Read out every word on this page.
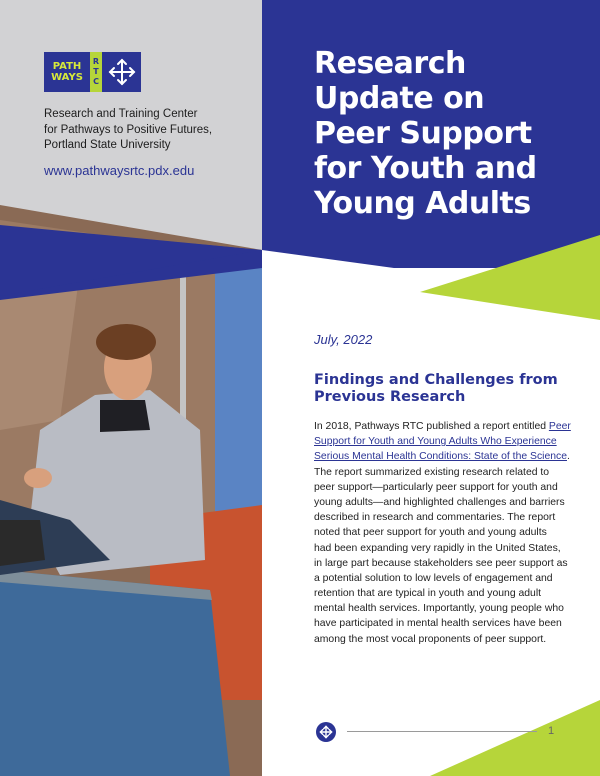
PATH
WAYS
R
T
C
Research and Training Center
for Pathways to Positive Futures,
Portland State University
www.pathwaysrtc.pdx.edu
Research
Update on
Peer Support
for Youth and
Young Adults
July, 2022
Findings and Challenges from
Previous Research
In 2018, Pathways RTC published a report entitled Peer
Support for Youth and Young Adults Who Experience
Serious Mental Health Conditions: State of the Science.
The report summarized existing research related to
peer support—particularly peer support for youth and
young adults—and highlighted challenges and barriers
described in research and commentaries. The report
noted that peer support for youth and young adults
had been expanding very rapidly in the United States,
in large part because stakeholders see peer support as
a potential solution to low levels of engagement and
retention that are typical in youth and young adult
mental health services. Importantly, young people who
have participated in mental health services have been
among the most vocal proponents of peer support.
1
